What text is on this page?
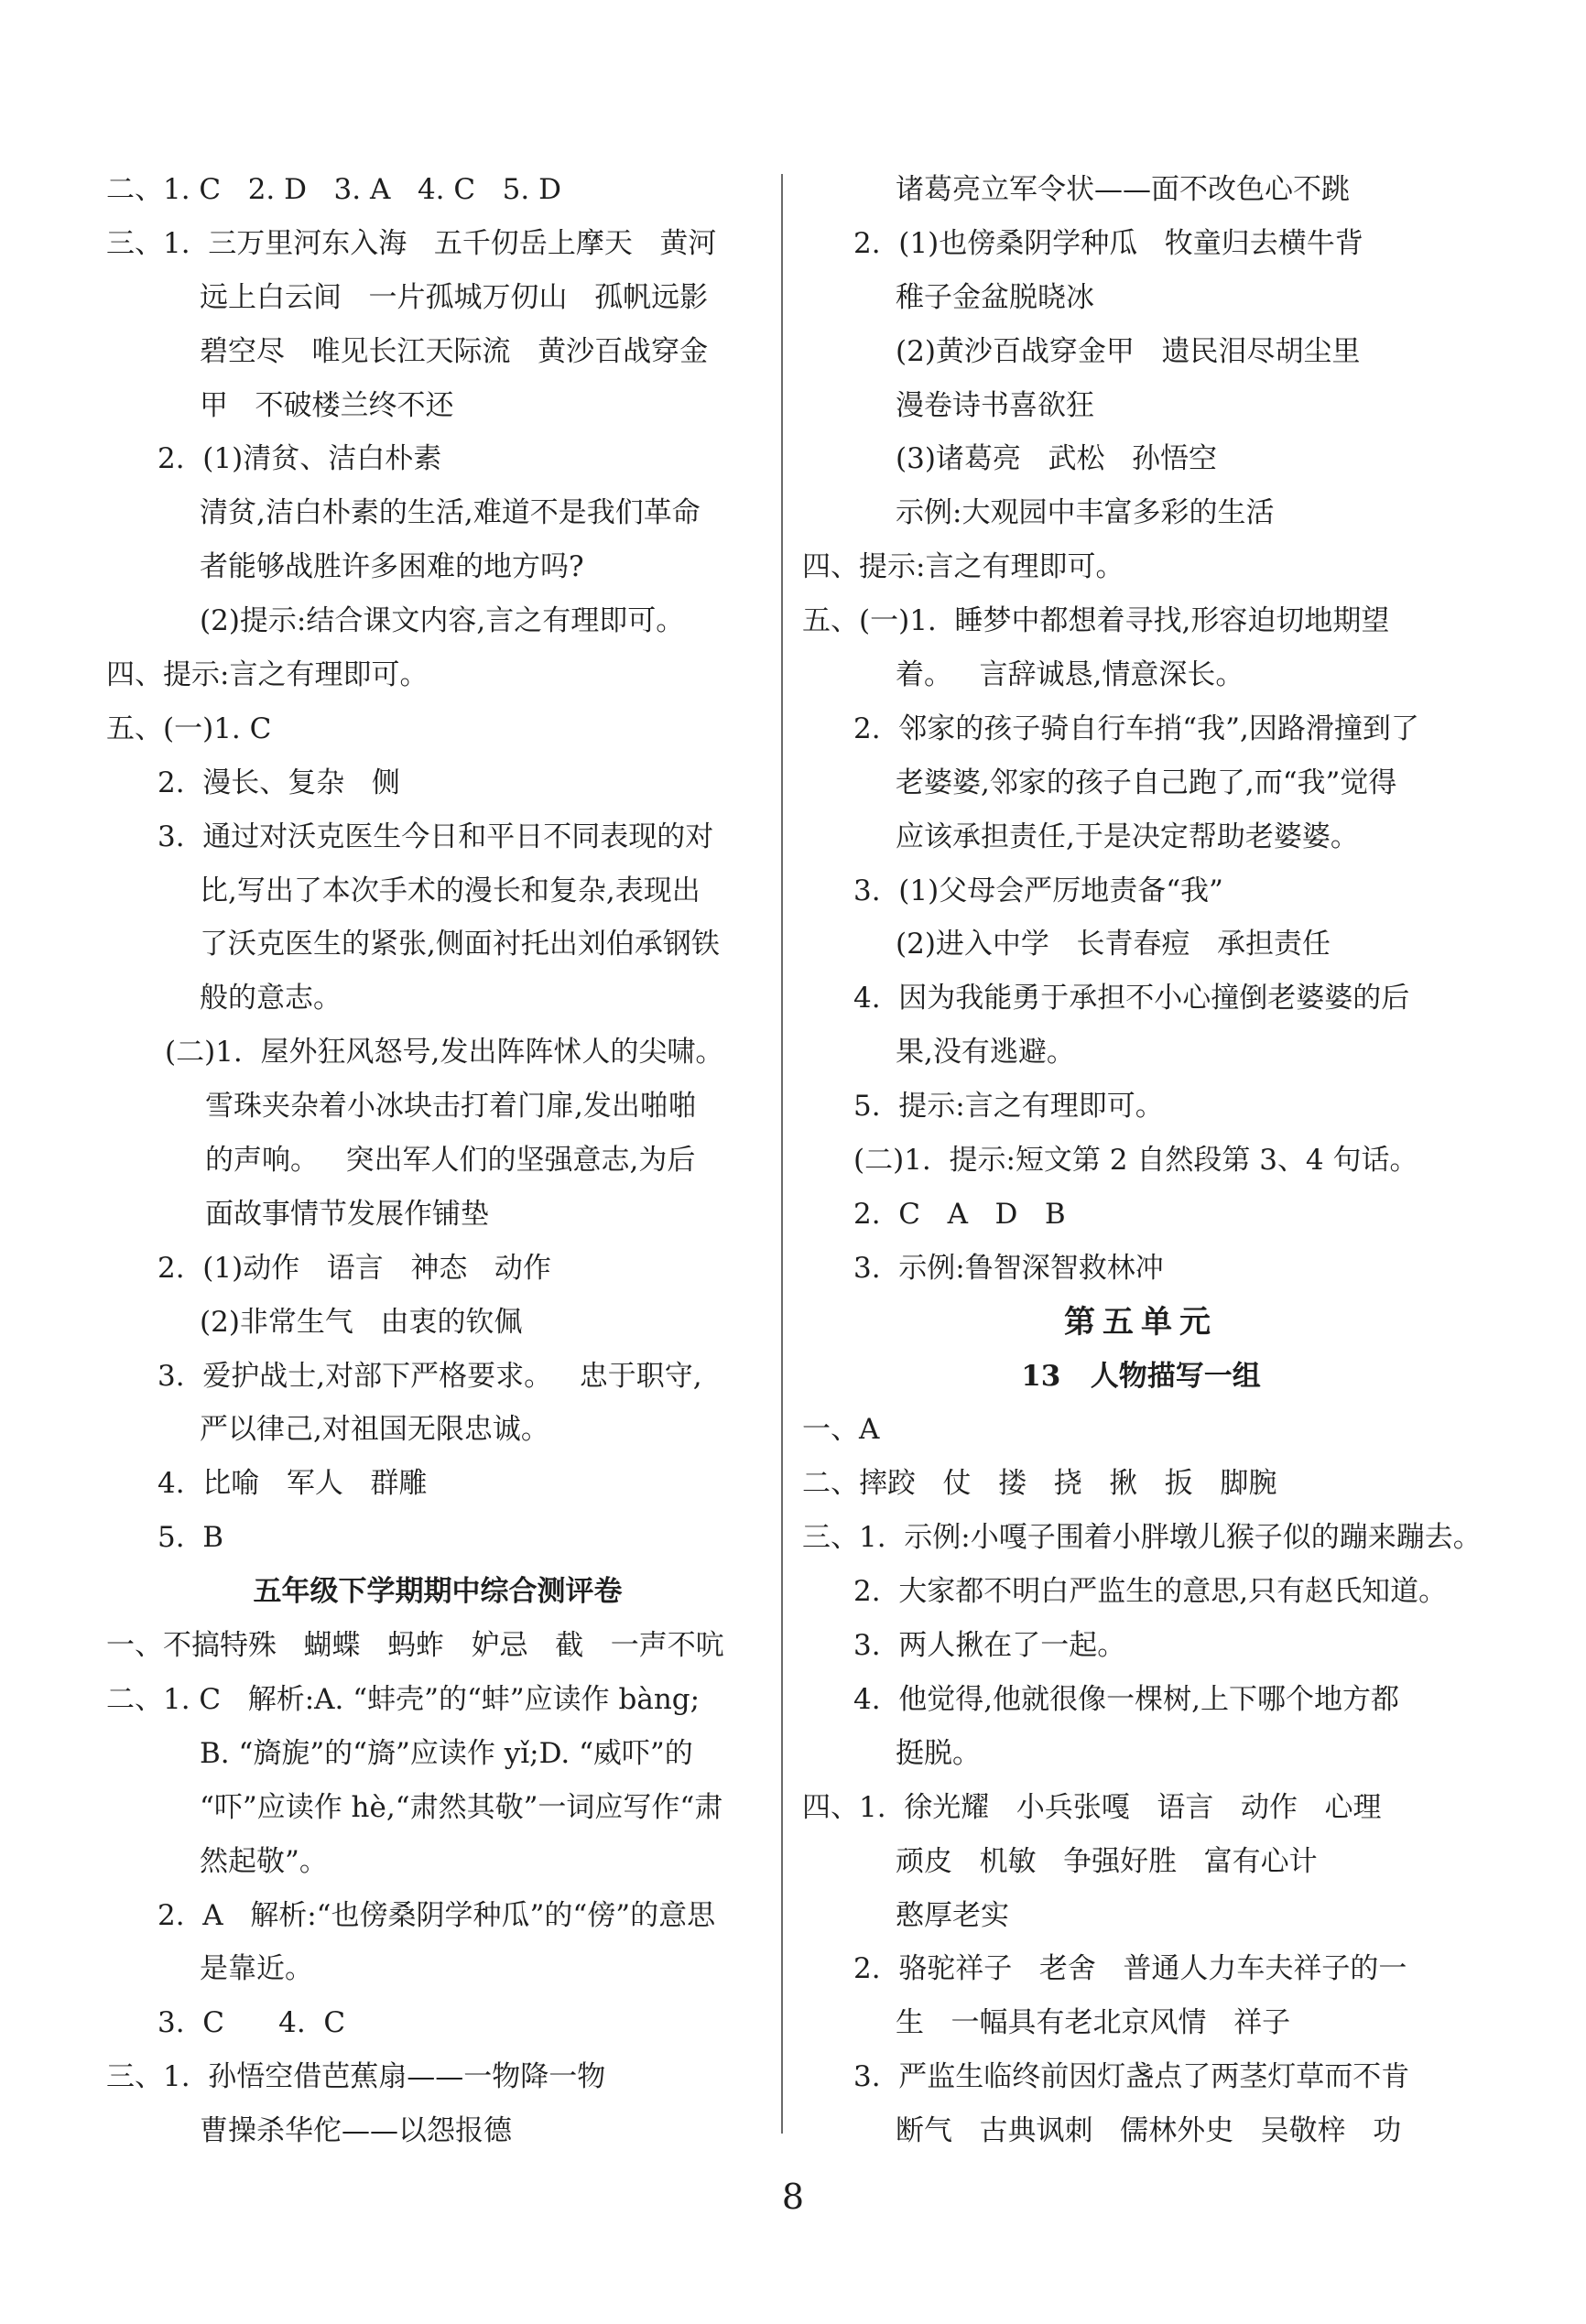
二、1. C   2. D   3. A   4. C   5. D
三、1.  三万里河东入海   五千仞岳上摩天   黄河
远上白云间   一片孤城万仞山   孤帆远影
碧空尽   唯见长江天际流   黄沙百战穿金
甲   不破楼兰终不还
2.  (1)清贫、洁白朴素
清贫,洁白朴素的生活,难道不是我们革命
者能够战胜许多困难的地方吗?
(2)提示:结合课文内容,言之有理即可。
四、提示:言之有理即可。
五、(一)1. C
2.  漫长、复杂   侧
3.  通过对沃克医生今日和平日不同表现的对
比,写出了本次手术的漫长和复杂,表现出
了沃克医生的紧张,侧面衬托出刘伯承钢铁
般的意志。
(二)1.  屋外狂风怒号,发出阵阵怵人的尖啸。
雪珠夹杂着小冰块击打着门扉,发出啪啪
的声响。   突出军人们的坚强意志,为后
面故事情节发展作铺垫
2.  (1)动作   语言   神态   动作
(2)非常生气   由衷的钦佩
3.  爱护战士,对部下严格要求。   忠于职守,
严以律己,对祖国无限忠诚。
4.  比喻   军人   群雕
5.  B
五年级下学期期中综合测评卷
一、不搞特殊   蝴蝶   蚂蚱   妒忌   截   一声不吭
二、1. C   解析:A. “蚌壳”的“蚌”应读作 bàng;
B. “旖旎”的“旖”应读作 yǐ;D. “威吓”的
“吓”应读作 hè,“肃然其敬”一词应写作“肃
然起敬”。
2.  A   解析:“也傍桑阴学种瓜”的“傍”的意思
是靠近。
3.  C      4.  C
三、1.  孙悟空借芭蕉扇——一物降一物
曹操杀华佗——以怨报德
诸葛亮立军令状——面不改色心不跳
2.  (1)也傍桑阴学种瓜   牧童归去横牛背
稚子金盆脱晓冰
(2)黄沙百战穿金甲   遗民泪尽胡尘里
漫卷诗书喜欲狂
(3)诸葛亮   武松   孙悟空
示例:大观园中丰富多彩的生活
四、提示:言之有理即可。
五、(一)1.  睡梦中都想着寻找,形容迫切地期望
着。   言辞诚恳,情意深长。
2.  邻家的孩子骑自行车捎“我”,因路滑撞到了
老婆婆,邻家的孩子自己跑了,而“我”觉得
应该承担责任,于是决定帮助老婆婆。
3.  (1)父母会严厉地责备“我”
(2)进入中学   长青春痘   承担责任
4.  因为我能勇于承担不小心撞倒老婆婆的后
果,没有逃避。
5.  提示:言之有理即可。
(二)1.  提示:短文第 2 自然段第 3、4 句话。
2.  C   A   D   B
3.  示例:鲁智深智救林冲
第五单元
13   人物描写一组
一、A
二、摔跤   仗   搂   挠   揪   扳   脚腕
三、1.  示例:小嘎子围着小胖墩儿猴子似的蹦来蹦去。
2.  大家都不明白严监生的意思,只有赵氏知道。
3.  两人揪在了一起。
4.  他觉得,他就很像一棵树,上下哪个地方都
挺脱。
四、1.  徐光耀   小兵张嘎   语言   动作   心理
顽皮   机敏   争强好胜   富有心计
憨厚老实
2.  骆驼祥子   老舍   普通人力车夫祥子的一
生   一幅具有老北京风情   祥子
3.  严监生临终前因灯盏点了两茎灯草而不肯
断气   古典讽刺   儒林外史   吴敬梓   功
8
